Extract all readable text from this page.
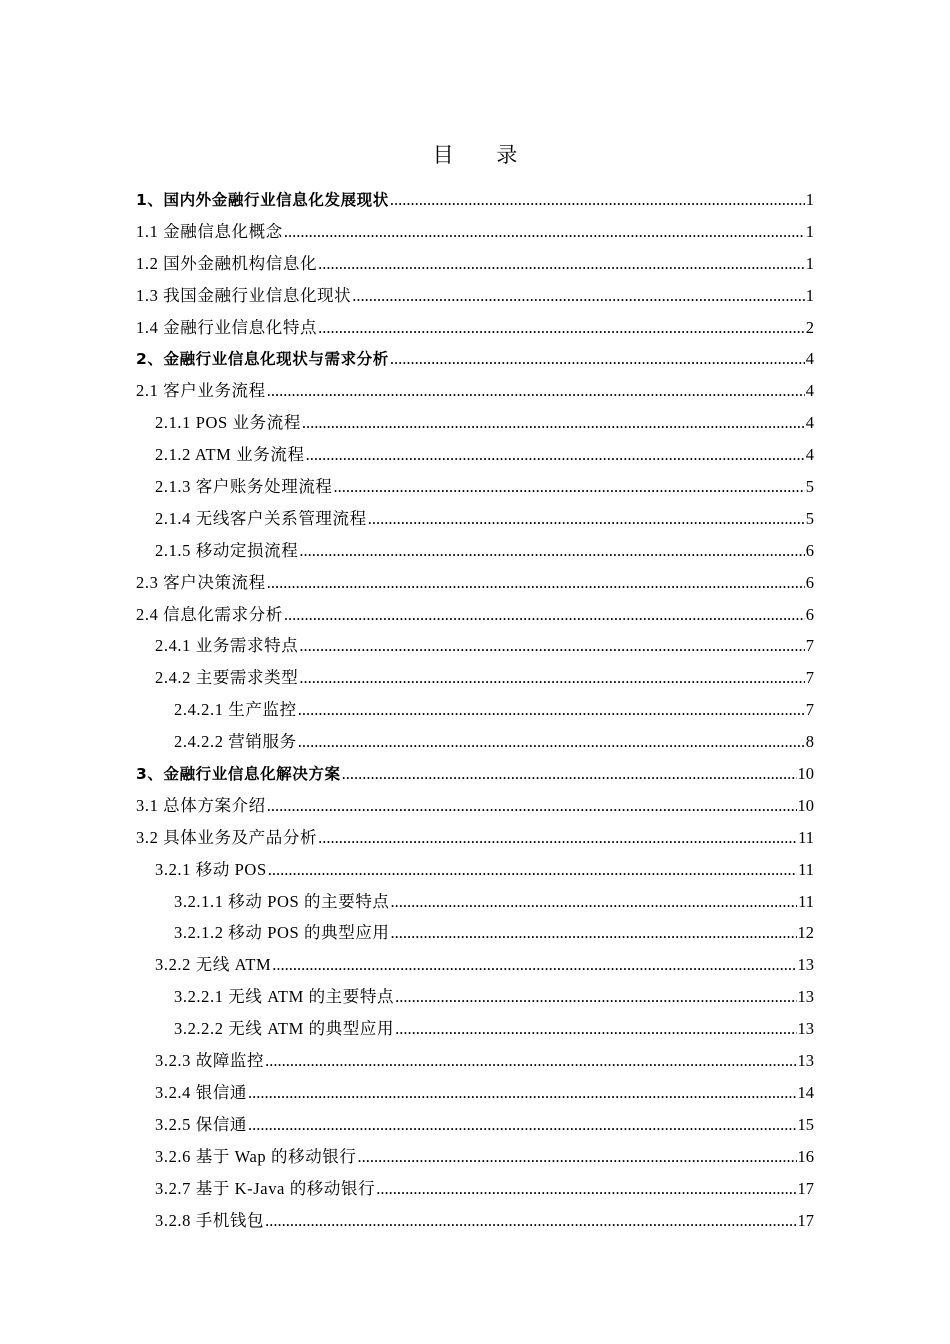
目 录
1、国内外金融行业信息化发展现状 .....	1
1.1 金融信息化概念 .....	1
1.2 国外金融机构信息化 .....	1
1.3 我国金融行业信息化现状 .....	1
1.4 金融行业信息化特点 .....	2
2、金融行业信息化现状与需求分析 .....	4
2.1 客户业务流程 .....	4
2.1.1 POS 业务流程 .....	4
2.1.2 ATM 业务流程 .....	4
2.1.3 客户账务处理流程 .....	5
2.1.4 无线客户关系管理流程 .....	5
2.1.5 移动定损流程 .....	6
2.3 客户决策流程 .....	6
2.4 信息化需求分析 .....	6
2.4.1 业务需求特点 .....	7
2.4.2 主要需求类型 .....	7
2.4.2.1 生产监控 .....	7
2.4.2.2 营销服务 .....	8
3、金融行业信息化解决方案 .....	10
3.1 总体方案介绍 .....	10
3.2 具体业务及产品分析 .....	11
3.2.1 移动 POS .....	11
3.2.1.1 移动 POS 的主要特点 .....	11
3.2.1.2 移动 POS 的典型应用 .....	12
3.2.2 无线 ATM .....	13
3.2.2.1 无线 ATM 的主要特点 .....	13
3.2.2.2 无线 ATM 的典型应用 .....	13
3.2.3 故障监控 .....	13
3.2.4 银信通 .....	14
3.2.5 保信通 .....	15
3.2.6 基于 Wap 的移动银行 .....	16
3.2.7 基于 K-Java 的移动银行 .....	17
3.2.8 手机钱包 .....	17
